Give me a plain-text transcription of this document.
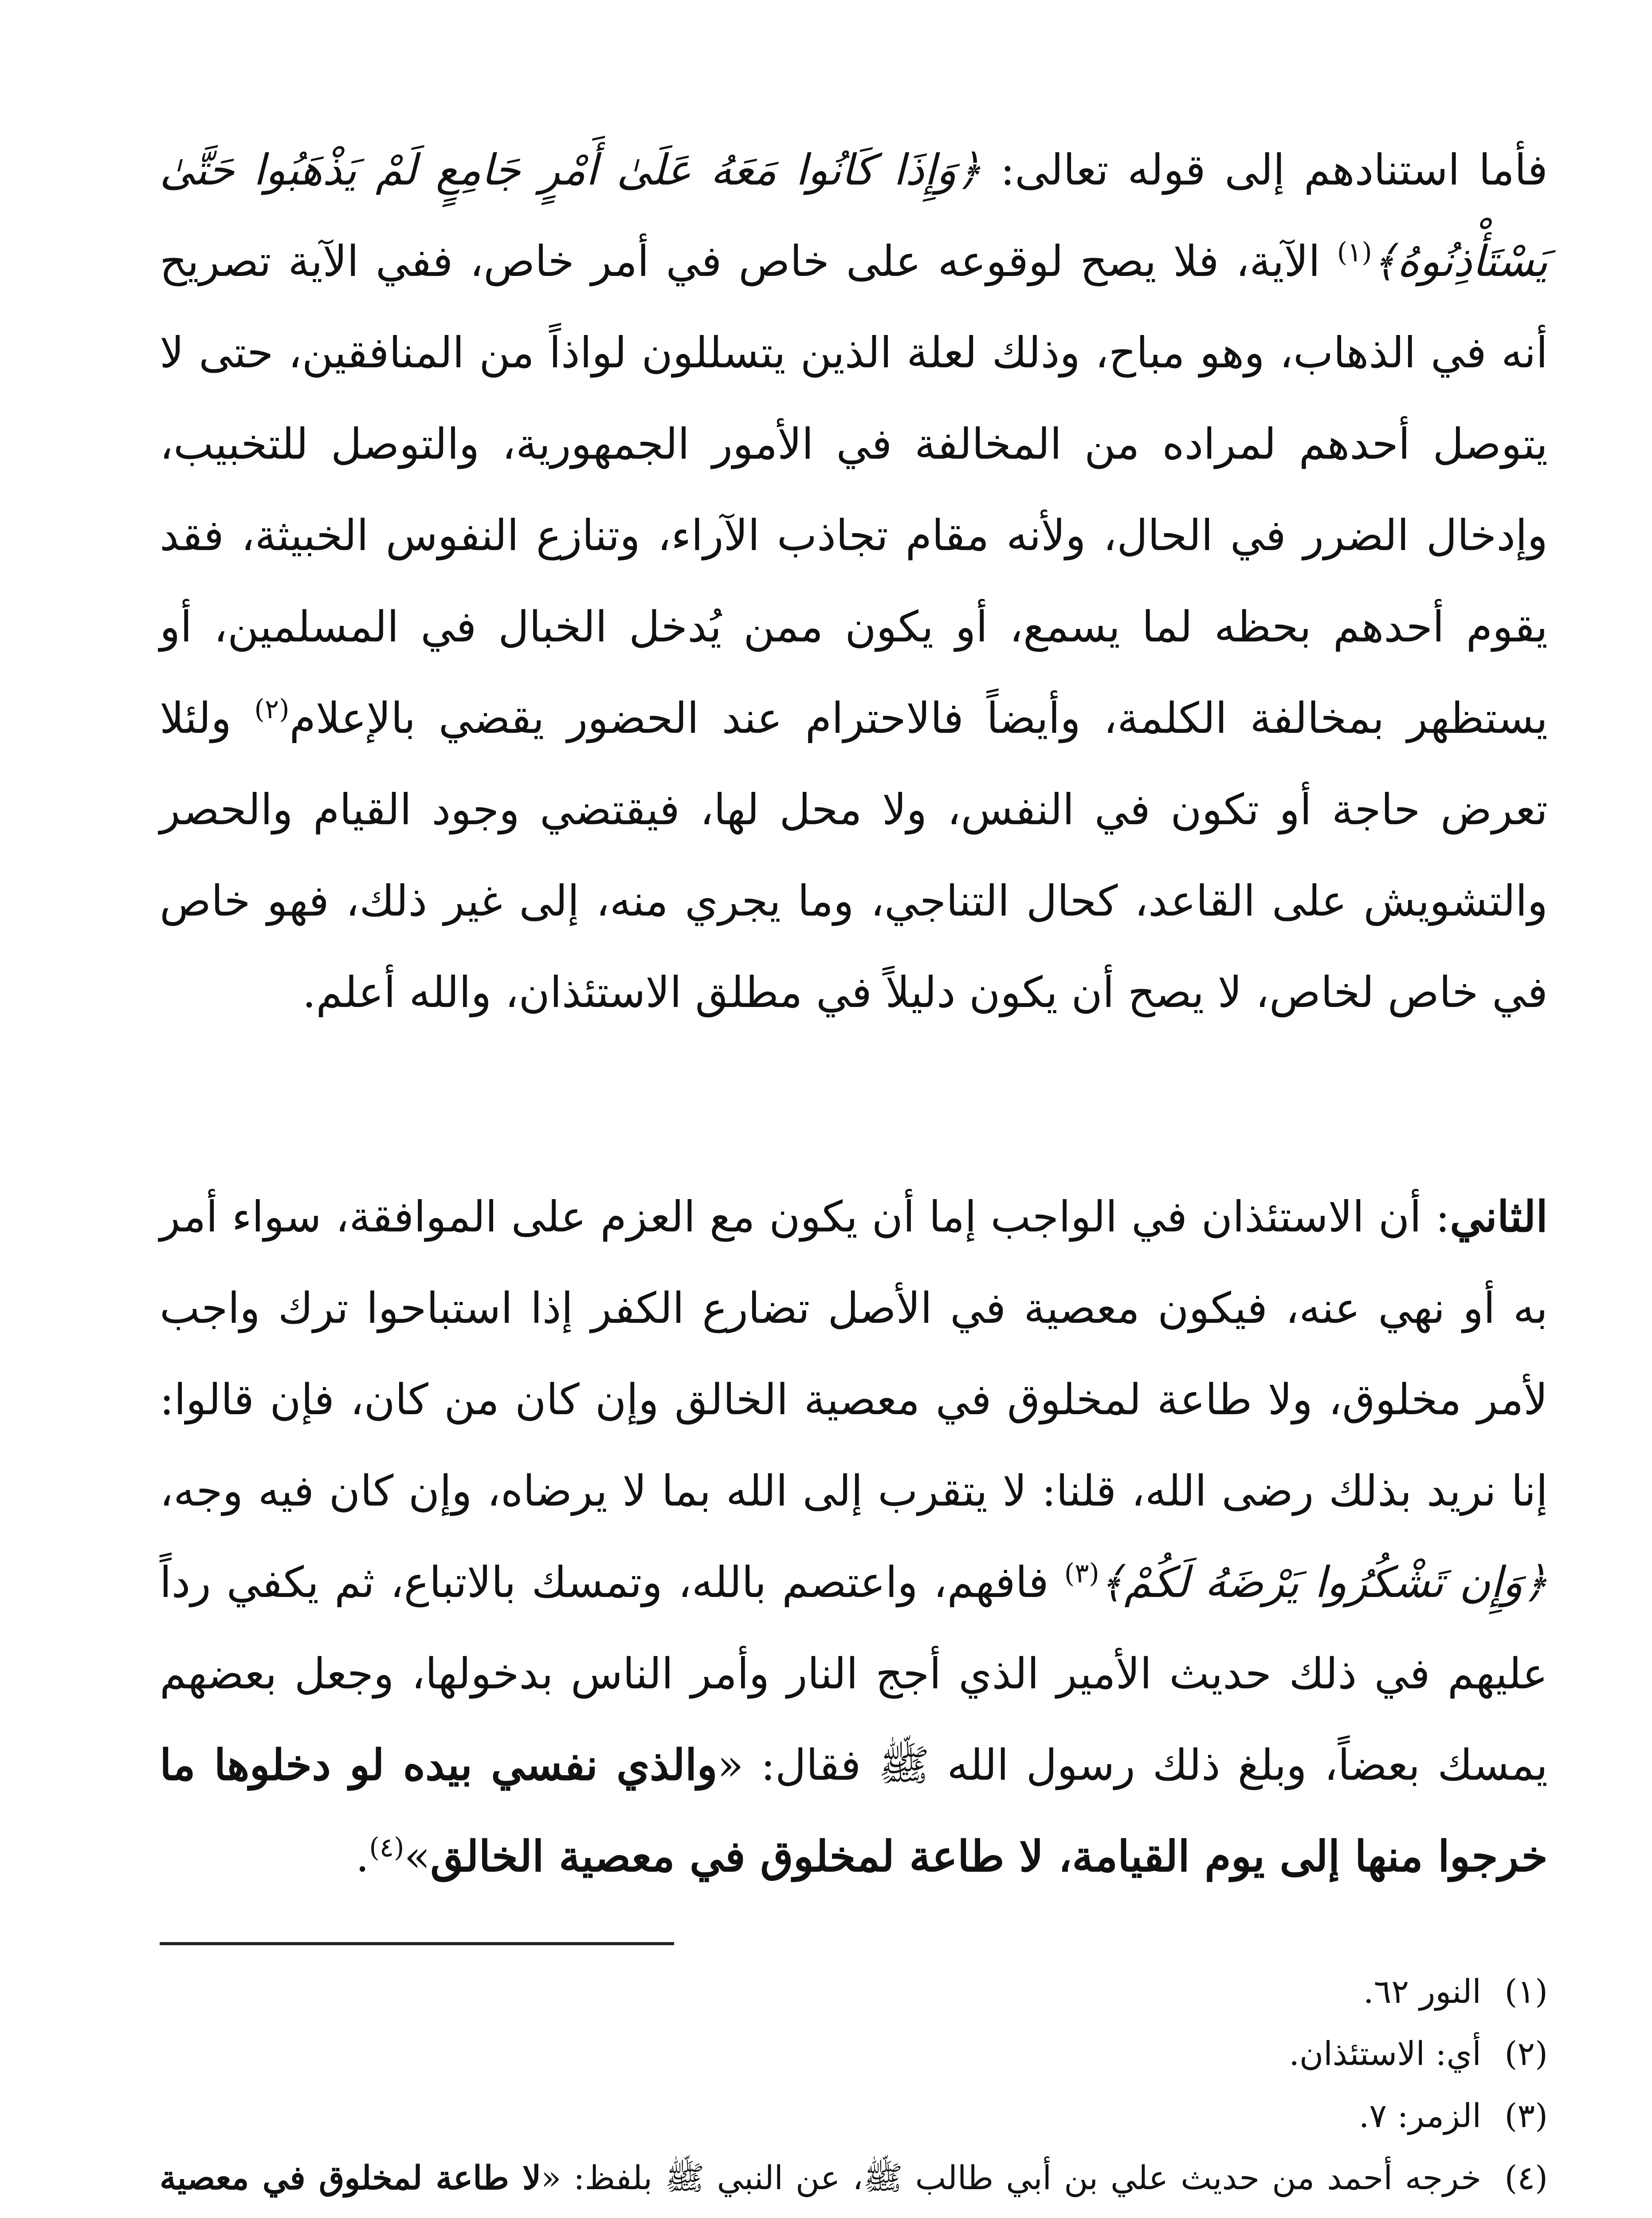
فأما استنادهم إلى قوله تعالى: ﴿وَإِذَا كَانُوا مَعَهُ عَلَىٰ أَمْرٍ جَامِعٍ لَمْ يَذْهَبُوا حَتَّىٰ يَسْتَأْذِنُوهُ﴾$^{(١)}$ الآية، فلا يصح لوقوعه على خاص في أمر خاص، ففي الآية تصريح أنه في الذهاب، وهو مباح، وذلك لعلة الذين يتسللون لواذاً من المنافقين، حتى لا يتوصل أحدهم لمراده من المخالفة في الأمور الجمهورية، والتوصل للتخبيب، وإدخال الضرر في الحال، ولأنه مقام تجاذب الآراء، وتنازع النفوس الخبيثة، فقد يقوم أحدهم بحظه لما يسمع، أو يكون ممن يُدخل الخبال في المسلمين، أو يستظهر بمخالفة الكلمة، وأيضاً فالاحترام عند الحضور يقضي بالإعلام$^{(٢)}$ ولئلا تعرض حاجة أو تكون في النفس، ولا محل لها، فيقتضي وجود القيام والحصر والتشويش على القاعد، كحال التناجي، وما يجري منه، إلى غير ذلك، فهو خاص في خاص لخاص، لا يصح أن يكون دليلاً في مطلق الاستئذان، والله أعلم.

الثاني: أن الاستئذان في الواجب إما أن يكون مع العزم على الموافقة، سواء أمر به أو نهي عنه، فيكون معصية في الأصل تضارع الكفر إذا استباحوا ترك واجب لأمر مخلوق، ولا طاعة لمخلوق في معصية الخالق وإن كان من كان، فإن قالوا: إنا نريد بذلك رضى الله، قلنا: لا يتقرب إلى الله بما لا يرضاه، وإن كان فيه وجه، ﴿وَإِن تَشْكُرُوا يَرْضَهُ لَكُمْ﴾$^{(٣)}$ فافهم، واعتصم بالله، وتمسك بالاتباع، ثم يكفي رداً عليهم في ذلك حديث الأمير الذي أجج النار وأمر الناس بدخولها، وجعل بعضهم يمسك بعضاً، وبلغ ذلك رسول الله ﷺ فقال: «والذي نفسي بيده لو دخلوها ما خرجوا منها إلى يوم القيامة، لا طاعة لمخلوق في معصية الخالق»$^{(٤)}$.

(١)
النور ٦٢.
(٢)
أي: الاستئذان.
(٣)
الزمر: ٧.
(٤)
خرجه أحمد من حديث علي بن أبي طالب ﷺ، عن النبي ﷺ بلفظ: «لا طاعة لمخلوق في معصية
